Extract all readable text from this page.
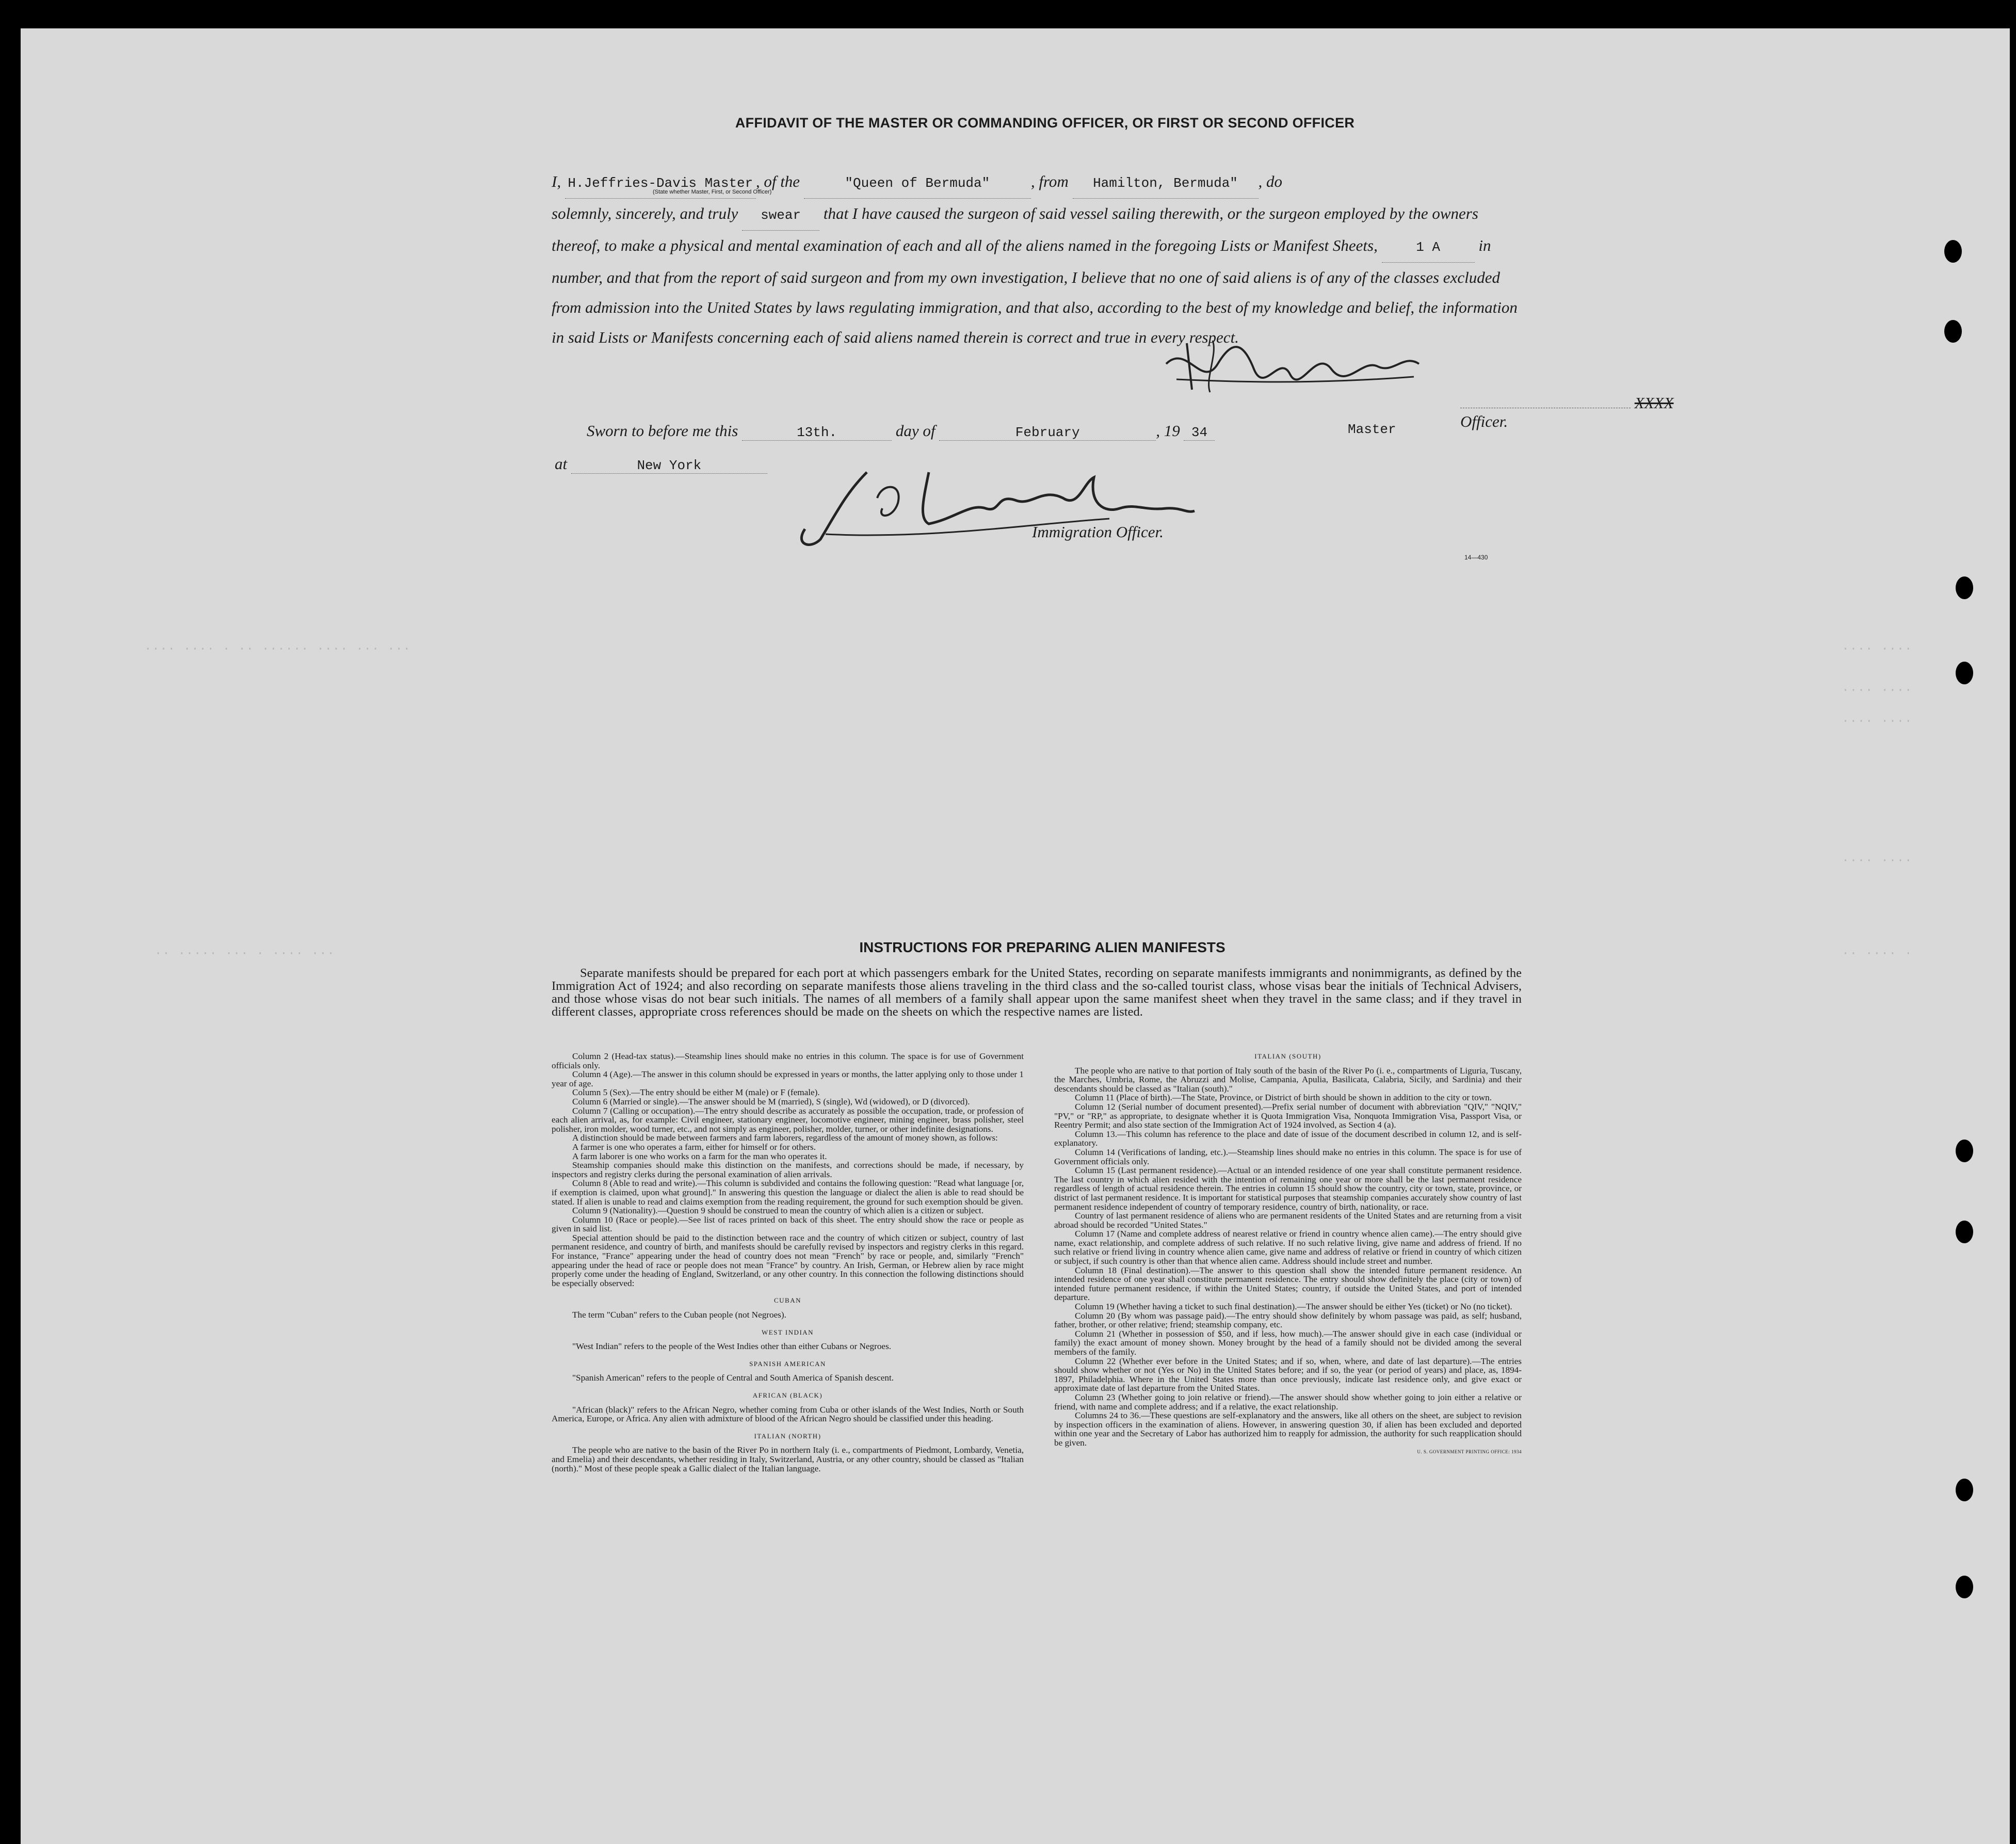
···· ···· · ·· ······ ···· ··· ···	···· ····
···· ····
···· ····
···· ····
·· ····· ··· · ···· ···	·· ···· ·
AFFIDAVIT OF THE MASTER OR COMMANDING OFFICER, OR FIRST OR SECOND OFFICER
I, H.Jeffries-Davis Master , of the	"Queen of Bermuda"	, from Hamilton, Bermuda" , do
solemnly, sincerely, and truly swear that I have caused the surgeon of said vessel sailing therewith, or the surgeon employed by the owners thereof, to make a physical and mental examination of each and all of the aliens named in the foregoing Lists or Manifest Sheets,	1 A in number, and that from the report of said surgeon and from my own investigation, I believe that no one of said aliens is of any of the classes excluded from admission into the United States by laws regulating immigration, and that also, according to the best of my knowledge and belief, the information in said Lists or Manifests concerning each of said aliens named therein is correct and true in every respect.
(State whether Master, First, or Second Officer)
XXXX
Officer.
Sworn to before me this	13th.	day of	February	, 19 34	Master
at	New York
Immigration Officer.
14—430
INSTRUCTIONS FOR PREPARING ALIEN MANIFESTS
Separate manifests should be prepared for each port at which passengers embark for the United States, recording on separate manifests immigrants and nonimmigrants, as defined by the Immigration Act of 1924; and also recording on separate manifests those aliens traveling in the third class and the so-called tourist class, whose visas bear the initials of Technical Advisers, and those whose visas do not bear such initials. The names of all members of a family shall appear upon the same manifest sheet when they travel in the same class; and if they travel in different classes, appropriate cross references should be made on the sheets on which the respective names are listed.

Column 2 (Head-tax status).—Steamship lines should make no entries in this column. The space is for use of Government officials only.

Column 4 (Age).—The answer in this column should be expressed in years or months, the latter applying only to those under 1 year of age.

Column 5 (Sex).—The entry should be either M (male) or F (female).

Column 6 (Married or single).—The answer should be M (married), S (single), Wd (widowed), or D (divorced).

Column 7 (Calling or occupation).—The entry should describe as accurately as possible the occupation, trade, or profession of each alien arrival, as, for example: Civil engineer, stationary engineer, locomotive engineer, mining engineer, brass polisher, steel polisher, iron molder, wood turner, etc., and not simply as engineer, polisher, molder, turner, or other indefinite designations.

A distinction should be made between farmers and farm laborers, regardless of the amount of money shown, as follows:

A farmer is one who operates a farm, either for himself or for others.

A farm laborer is one who works on a farm for the man who operates it.

Steamship companies should make this distinction on the manifests, and corrections should be made, if necessary, by inspectors and registry clerks during the personal examination of alien arrivals.

Column 8 (Able to read and write).—This column is subdivided and contains the following question: "Read what language [or, if exemption is claimed, upon what ground]." In answering this question the language or dialect the alien is able to read should be stated. If alien is unable to read and claims exemption from the reading requirement, the ground for such exemption should be given.

Column 9 (Nationality).—Question 9 should be construed to mean the country of which alien is a citizen or subject.

Column 10 (Race or people).—See list of races printed on back of this sheet. The entry should show the race or people as given in said list.

Special attention should be paid to the distinction between race and the country of which citizen or subject, country of last permanent residence, and country of birth, and manifests should be carefully revised by inspectors and registry clerks in this regard. For instance, "France" appearing under the head of country does not mean "French" by race or people, and, similarly "French" appearing under the head of race or people does not mean "France" by country. An Irish, German, or Hebrew alien by race might properly come under the heading of England, Switzerland, or any other country. In this connection the following distinctions should be especially observed:

CUBAN

The term "Cuban" refers to the Cuban people (not Negroes).

WEST INDIAN

"West Indian" refers to the people of the West Indies other than either Cubans or Negroes.

SPANISH AMERICAN

"Spanish American" refers to the people of Central and South America of Spanish descent.

AFRICAN (BLACK)

"African (black)" refers to the African Negro, whether coming from Cuba or other islands of the West Indies, North or South America, Europe, or Africa. Any alien with admixture of blood of the African Negro should be classified under this heading.

ITALIAN (NORTH)

The people who are native to the basin of the River Po in northern Italy (i. e., compartments of Piedmont, Lombardy, Venetia, and Emelia) and their descendants, whether residing in Italy, Switzerland, Austria, or any other country, should be classed as "Italian (north)." Most of these people speak a Gallic dialect of the Italian language.

ITALIAN (SOUTH)

The people who are native to that portion of Italy south of the basin of the River Po (i. e., compartments of Liguria, Tuscany, the Marches, Umbria, Rome, the Abruzzi and Molise, Campania, Apulia, Basilicata, Calabria, Sicily, and Sardinia) and their descendants should be classed as "Italian (south)."

Column 11 (Place of birth).—The State, Province, or District of birth should be shown in addition to the city or town.

Column 12 (Serial number of document presented).—Prefix serial number of document with abbreviation "QIV," "NQIV," "PV," or "RP," as appropriate, to designate whether it is Quota Immigration Visa, Nonquota Immigration Visa, Passport Visa, or Reentry Permit; and also state section of the Immigration Act of 1924 involved, as Section 4 (a).

Column 13.—This column has reference to the place and date of issue of the document described in column 12, and is self-explanatory.

Column 14 (Verifications of landing, etc.).—Steamship lines should make no entries in this column. The space is for use of Government officials only.

Column 15 (Last permanent residence).—Actual or an intended residence of one year shall constitute permanent residence. The last country in which alien resided with the intention of remaining one year or more shall be the last permanent residence regardless of length of actual residence therein. The entries in column 15 should show the country, city or town, state, province, or district of last permanent residence. It is important for statistical purposes that steamship companies accurately show country of last permanent residence independent of country of temporary residence, country of birth, nationality, or race.

Country of last permanent residence of aliens who are permanent residents of the United States and are returning from a visit abroad should be recorded "United States."

Column 17 (Name and complete address of nearest relative or friend in country whence alien came).—The entry should give name, exact relationship, and complete address of such relative. If no such relative living, give name and address of friend. If no such relative or friend living in country whence alien came, give name and address of relative or friend in country of which citizen or subject, if such country is other than that whence alien came. Address should include street and number.

Column 18 (Final destination).—The answer to this question shall show the intended future permanent residence. An intended residence of one year shall constitute permanent residence. The entry should show definitely the place (city or town) of intended future permanent residence, if within the United States; country, if outside the United States, and port of intended departure.

Column 19 (Whether having a ticket to such final destination).—The answer should be either Yes (ticket) or No (no ticket).

Column 20 (By whom was passage paid).—The entry should show definitely by whom passage was paid, as self; husband, father, brother, or other relative; friend; steamship company, etc.

Column 21 (Whether in possession of $50, and if less, how much).—The answer should give in each case (individual or family) the exact amount of money shown. Money brought by the head of a family should not be divided among the several members of the family.

Column 22 (Whether ever before in the United States; and if so, when, where, and date of last departure).—The entries should show whether or not (Yes or No) in the United States before; and if so, the year (or period of years) and place, as, 1894-1897, Philadelphia. Where in the United States more than once previously, indicate last residence only, and give exact or approximate date of last departure from the United States.

Column 23 (Whether going to join relative or friend).—The answer should show whether going to join either a relative or friend, with name and complete address; and if a relative, the exact relationship.

Columns 24 to 36.—These questions are self-explanatory and the answers, like all others on the sheet, are subject to revision by inspection officers in the examination of aliens. However, in answering question 30, if alien has been excluded and deported within one year and the Secretary of Labor has authorized him to reapply for admission, the authority for such reapplication should be given.

U. S. GOVERNMENT PRINTING OFFICE: 1934
